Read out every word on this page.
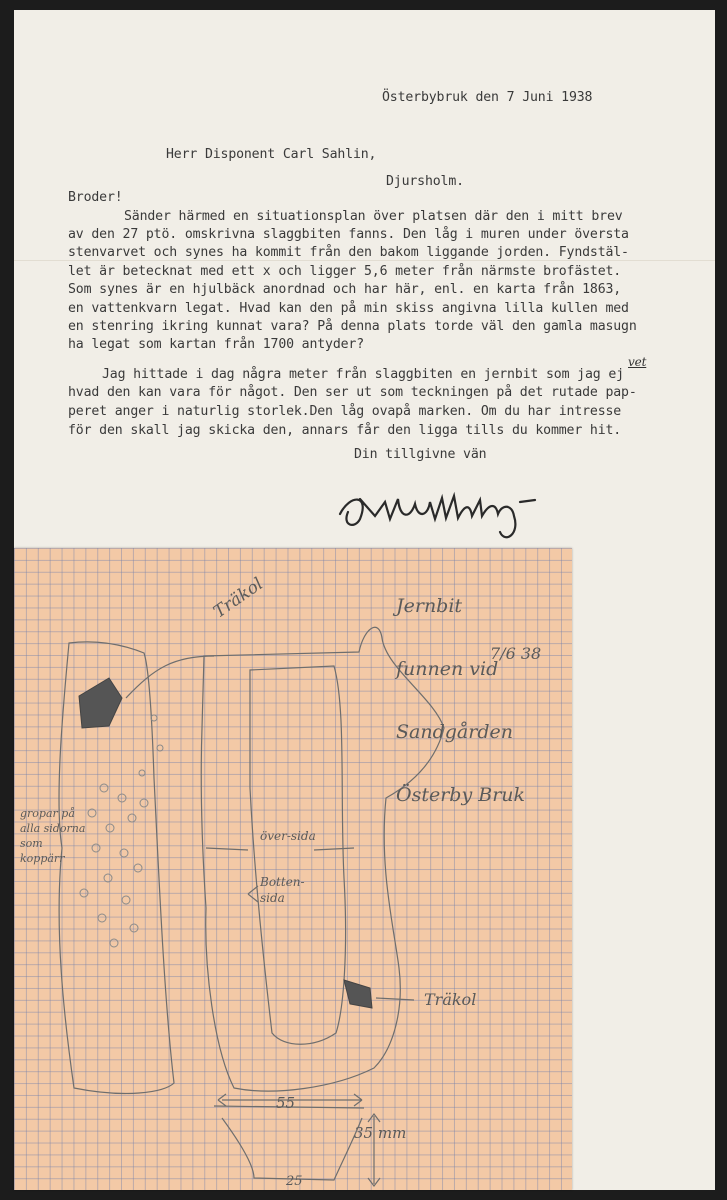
Österbybruk den 7 Juni 1938
Herr Disponent Carl Sahlin,
Djursholm.
Broder!
Sänder härmed en situationsplan över platsen där den i mitt brev
av den 27 ptö. omskrivna slaggbiten fanns. Den låg i muren under översta
stenvarvet och synes ha kommit från den bakom liggande jorden. Fyndstäl-
let är betecknat med ett x och ligger 5,6 meter från närmste brofästet.
Som synes är en hjulbäck anordnad och har här, enl. en karta från 1863,
en vattenkvarn legat. Hvad kan den på min skiss angivna lilla kullen med
en stenring ikring kunnat vara? På denna plats torde väl den gamla masugn
ha legat som kartan från 1700 antyder?
Jag hittade i dag några meter från slaggbiten en jernbit som jag ej
vet
hvad den kan vara för något. Den ser ut som teckningen på det rutade pap-
peret anger i naturlig storlek.Den låg ovapå marken. Om du har intresse
för den skall jag skicka den, annars får den ligga tills du kommer hit.
Din tillgivne vän

Jernbit

funnen vid

Sandgården

Österby Bruk

7/6 38
Träkol
Träkol
gropar på alla sidorna som koppärr
över-sida
Botten-sida
55
25
35 mm
